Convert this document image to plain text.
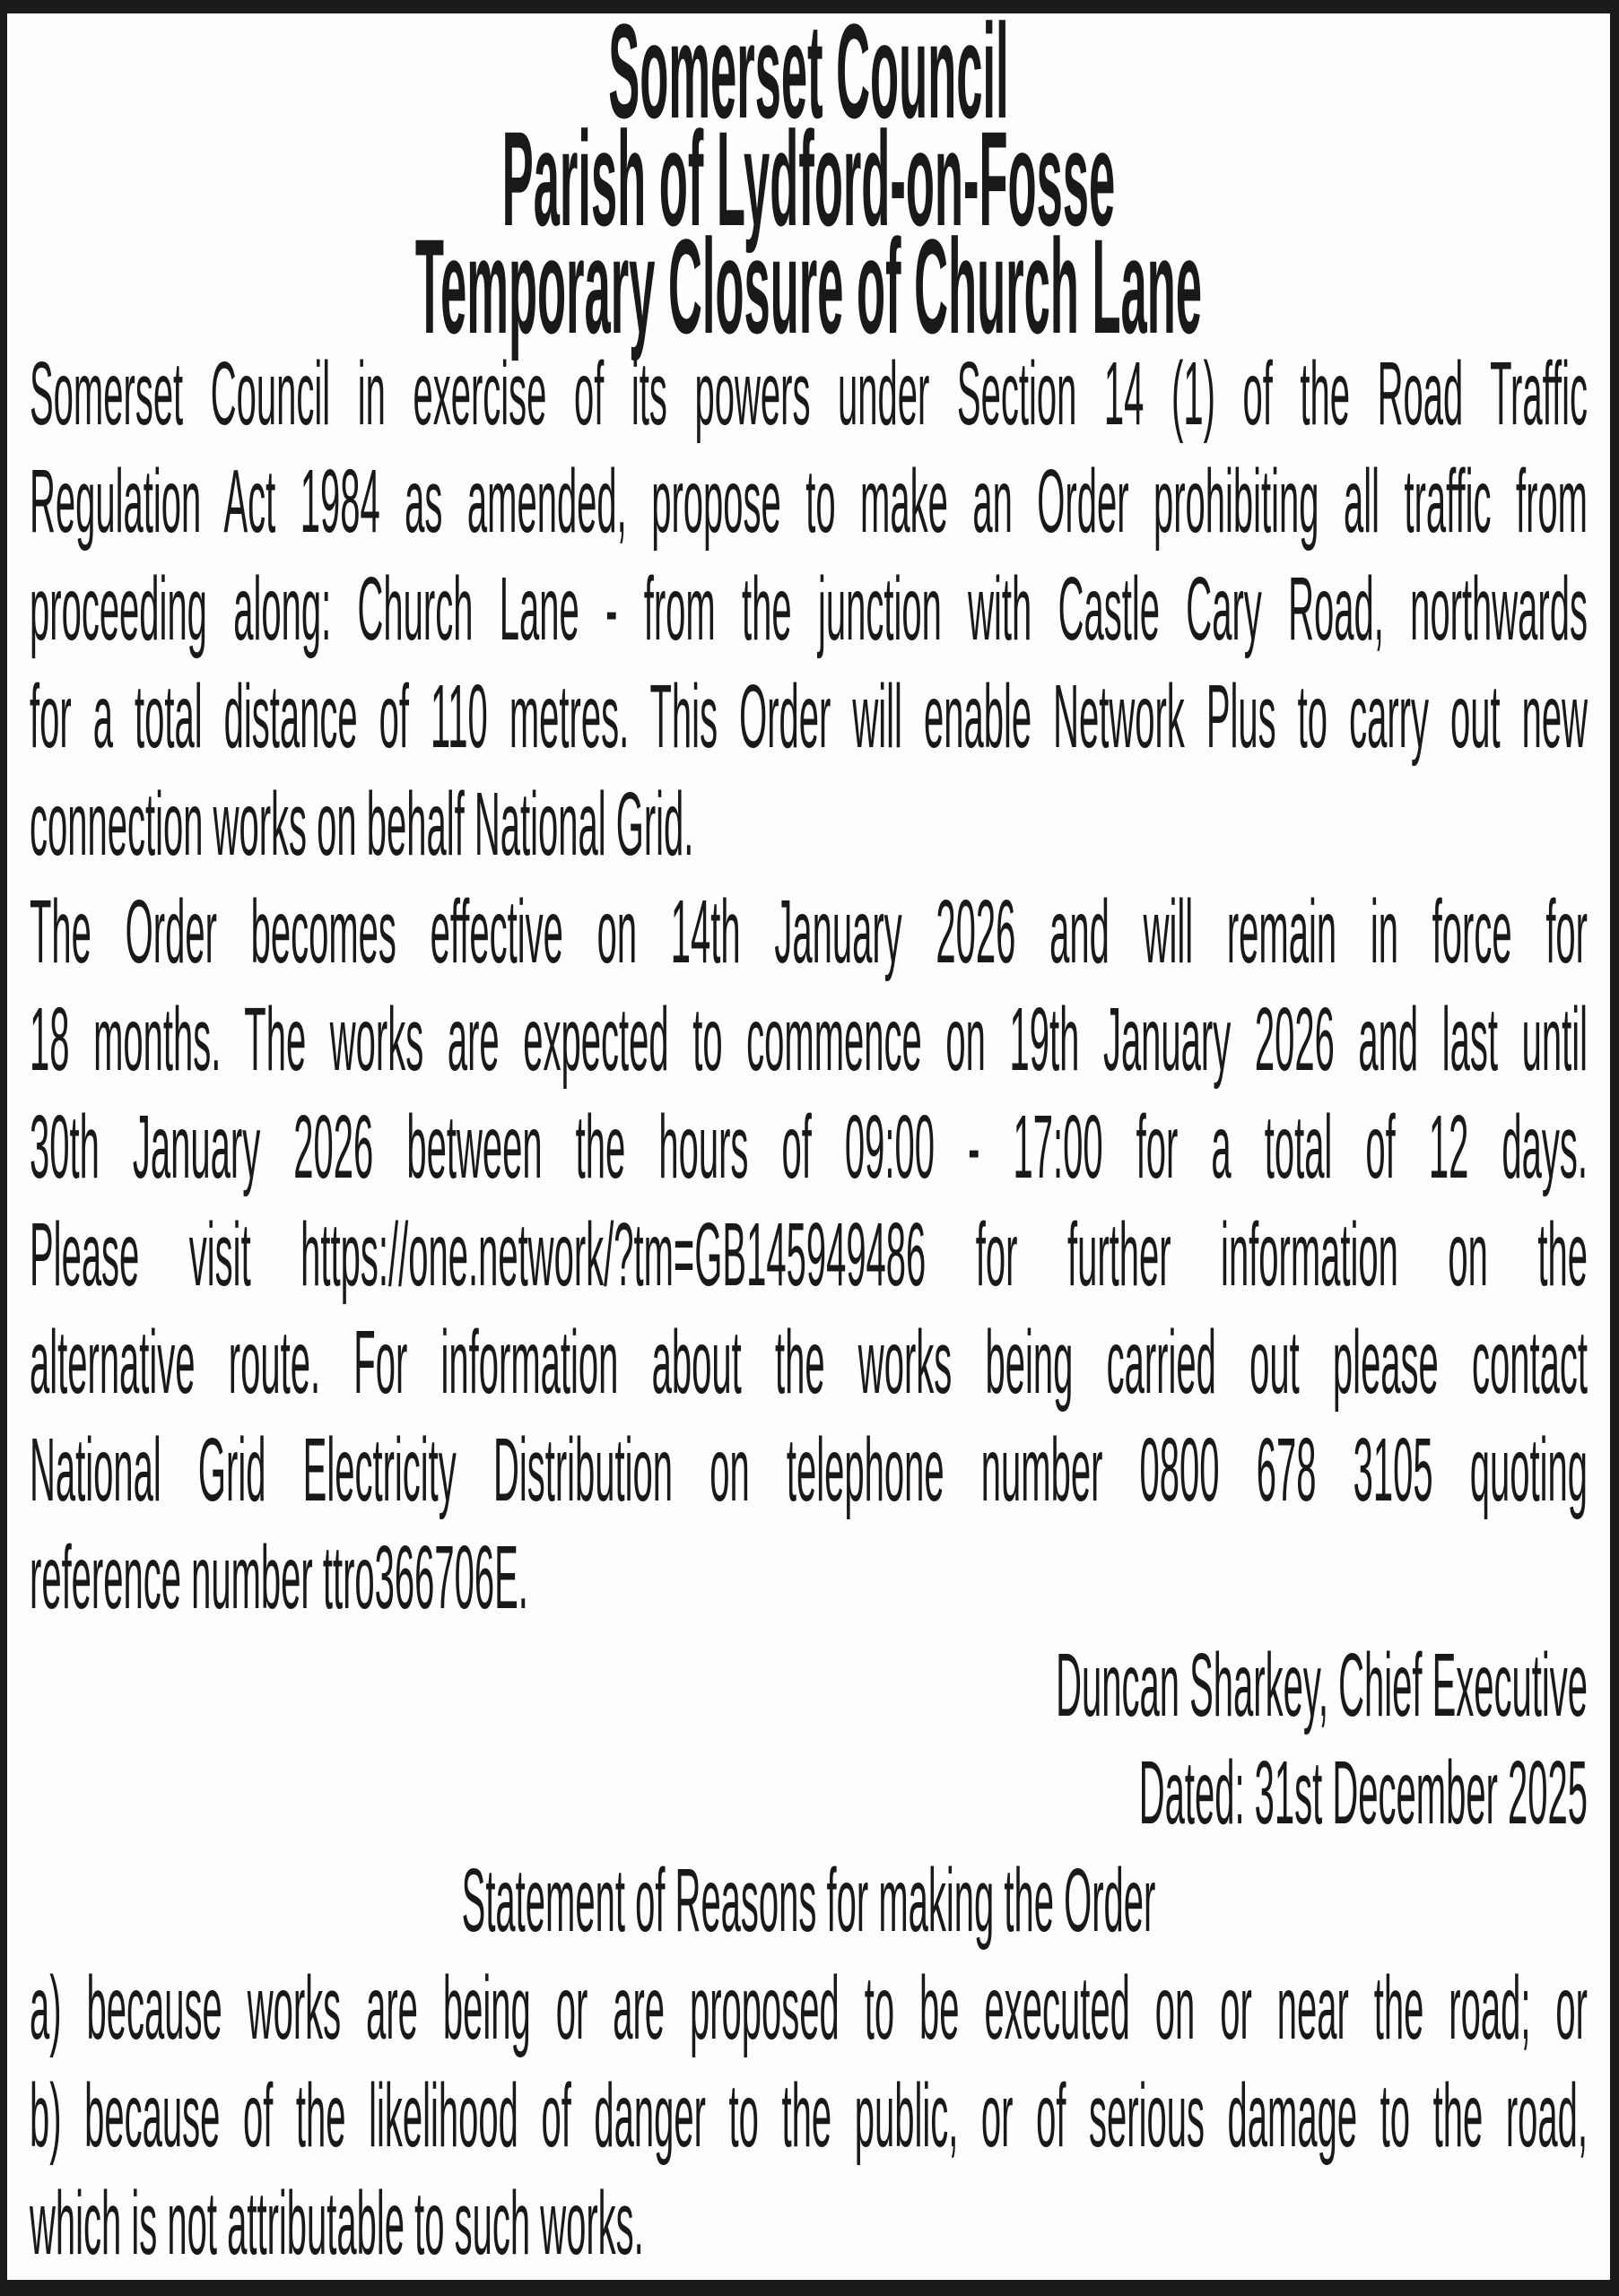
Somerset Council
Parish of Lydford-on-Fosse
Temporary Closure of Church Lane
Somerset Council in exercise of its powers under Section 14 (1) of the Road Traffic
Regulation Act 1984 as amended, propose to make an Order prohibiting all traffic from
proceeding along: Church Lane - from the junction with Castle Cary Road, northwards
for a total distance of 110 metres. This Order will enable Network Plus to carry out new
connection works on behalf National Grid.
The Order becomes effective on 14th January 2026 and will remain in force for
18 months. The works are expected to commence on 19th January 2026 and last until
30th January 2026 between the hours of 09:00 - 17:00 for a total of 12 days.
Please visit https://one.network/?tm=GB145949486 for further information on the
alternative route. For information about the works being carried out please contact
National Grid Electricity Distribution on telephone number 0800 678 3105 quoting
reference number ttro366706E.
Duncan Sharkey, Chief Executive
Dated: 31st December 2025
Statement of Reasons for making the Order
a) because works are being or are proposed to be executed on or near the road; or
b) because of the likelihood of danger to the public, or of serious damage to the road,
which is not attributable to such works.
